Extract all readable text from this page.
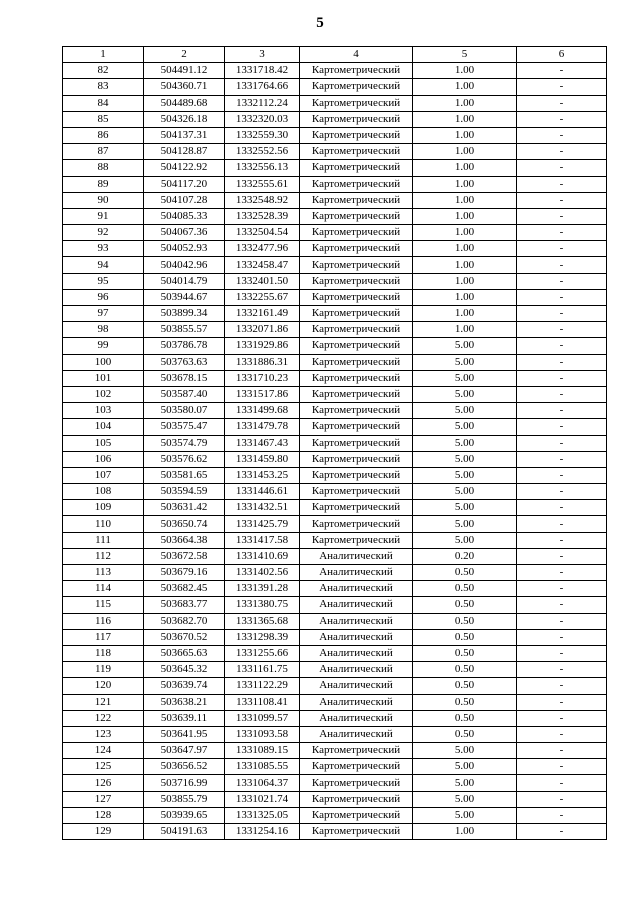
5
1	2	3	4	5	6
82	504491.12	1331718.42	Картометрический	1.00	-
83	504360.71	1331764.66	Картометрический	1.00	-
84	504489.68	1332112.24	Картометрический	1.00	-
85	504326.18	1332320.03	Картометрический	1.00	-
86	504137.31	1332559.30	Картометрический	1.00	-
87	504128.87	1332552.56	Картометрический	1.00	-
88	504122.92	1332556.13	Картометрический	1.00	-
89	504117.20	1332555.61	Картометрический	1.00	-
90	504107.28	1332548.92	Картометрический	1.00	-
91	504085.33	1332528.39	Картометрический	1.00	-
92	504067.36	1332504.54	Картометрический	1.00	-
93	504052.93	1332477.96	Картометрический	1.00	-
94	504042.96	1332458.47	Картометрический	1.00	-
95	504014.79	1332401.50	Картометрический	1.00	-
96	503944.67	1332255.67	Картометрический	1.00	-
97	503899.34	1332161.49	Картометрический	1.00	-
98	503855.57	1332071.86	Картометрический	1.00	-
99	503786.78	1331929.86	Картометрический	5.00	-
100	503763.63	1331886.31	Картометрический	5.00	-
101	503678.15	1331710.23	Картометрический	5.00	-
102	503587.40	1331517.86	Картометрический	5.00	-
103	503580.07	1331499.68	Картометрический	5.00	-
104	503575.47	1331479.78	Картометрический	5.00	-
105	503574.79	1331467.43	Картометрический	5.00	-
106	503576.62	1331459.80	Картометрический	5.00	-
107	503581.65	1331453.25	Картометрический	5.00	-
108	503594.59	1331446.61	Картометрический	5.00	-
109	503631.42	1331432.51	Картометрический	5.00	-
110	503650.74	1331425.79	Картометрический	5.00	-
111	503664.38	1331417.58	Картометрический	5.00	-
112	503672.58	1331410.69	Аналитический	0.20	-
113	503679.16	1331402.56	Аналитический	0.50	-
114	503682.45	1331391.28	Аналитический	0.50	-
115	503683.77	1331380.75	Аналитический	0.50	-
116	503682.70	1331365.68	Аналитический	0.50	-
117	503670.52	1331298.39	Аналитический	0.50	-
118	503665.63	1331255.66	Аналитический	0.50	-
119	503645.32	1331161.75	Аналитический	0.50	-
120	503639.74	1331122.29	Аналитический	0.50	-
121	503638.21	1331108.41	Аналитический	0.50	-
122	503639.11	1331099.57	Аналитический	0.50	-
123	503641.95	1331093.58	Аналитический	0.50	-
124	503647.97	1331089.15	Картометрический	5.00	-
125	503656.52	1331085.55	Картометрический	5.00	-
126	503716.99	1331064.37	Картометрический	5.00	-
127	503855.79	1331021.74	Картометрический	5.00	-
128	503939.65	1331325.05	Картометрический	5.00	-
129	504191.63	1331254.16	Картометрический	1.00	-
